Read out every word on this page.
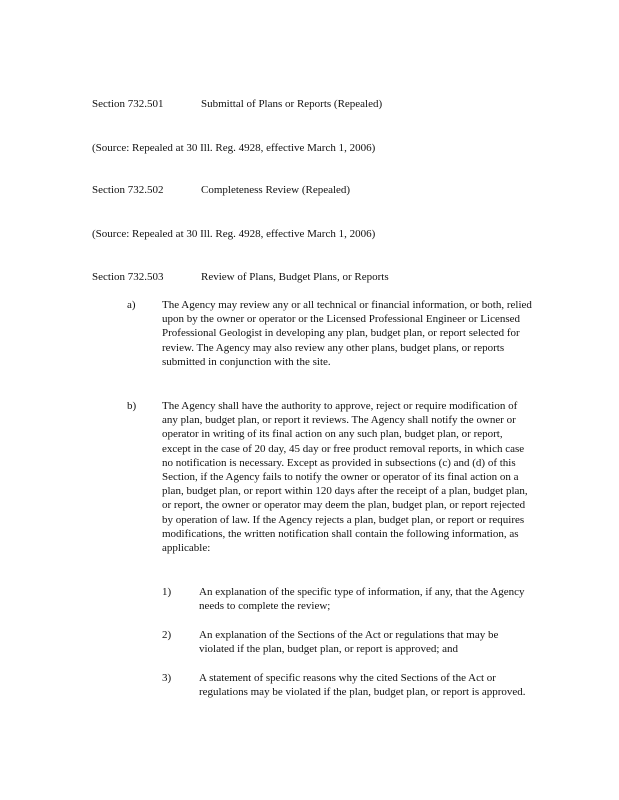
Section 732.501	Submittal of Plans or Reports (Repealed)
(Source: Repealed at 30 Ill. Reg. 4928, effective March 1, 2006)
Section 732.502	Completeness Review (Repealed)
(Source: Repealed at 30 Ill. Reg. 4928, effective March 1, 2006)
Section 732.503	Review of Plans, Budget Plans, or Reports
a) The Agency may review any or all technical or financial information, or both, relied upon by the owner or operator or the Licensed Professional Engineer or Licensed Professional Geologist in developing any plan, budget plan, or report selected for review. The Agency may also review any other plans, budget plans, or reports submitted in conjunction with the site.
b) The Agency shall have the authority to approve, reject or require modification of any plan, budget plan, or report it reviews. The Agency shall notify the owner or operator in writing of its final action on any such plan, budget plan, or report, except in the case of 20 day, 45 day or free product removal reports, in which case no notification is necessary. Except as provided in subsections (c) and (d) of this Section, if the Agency fails to notify the owner or operator of its final action on a plan, budget plan, or report within 120 days after the receipt of a plan, budget plan, or report, the owner or operator may deem the plan, budget plan, or report rejected by operation of law. If the Agency rejects a plan, budget plan, or report or requires modifications, the written notification shall contain the following information, as applicable:
1)	An explanation of the specific type of information, if any, that the Agency needs to complete the review;
2)	An explanation of the Sections of the Act or regulations that may be violated if the plan, budget plan, or report is approved; and
3)	A statement of specific reasons why the cited Sections of the Act or regulations may be violated if the plan, budget plan, or report is approved.
